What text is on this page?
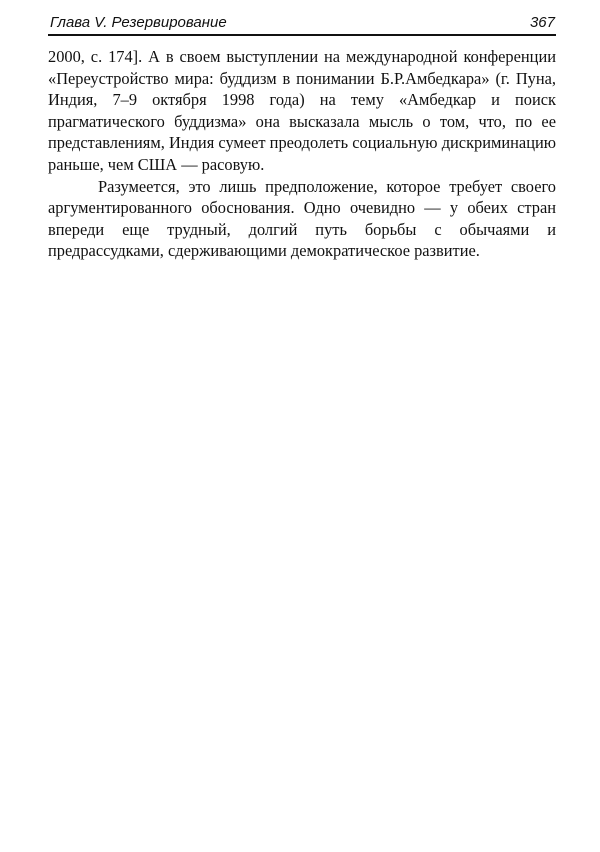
Глава V. Резервирование	367

2000, с. 174]. А в своем выступлении на международной конференции «Переустройство мира: буддизм в понимании Б.Р.Амбедкара» (г. Пуна, Индия, 7–9 октября 1998 года) на тему «Амбедкар и поиск прагматического буддизма» она высказала мысль о том, что, по ее представлениям, Индия сумеет преодолеть социальную дискриминацию раньше, чем США — расовую.

Разумеется, это лишь предположение, которое требует своего аргументированного обоснования. Одно очевидно — у обеих стран впереди еще трудный, долгий путь борьбы с обычаями и предрассудками, сдерживающими демократическое развитие.
